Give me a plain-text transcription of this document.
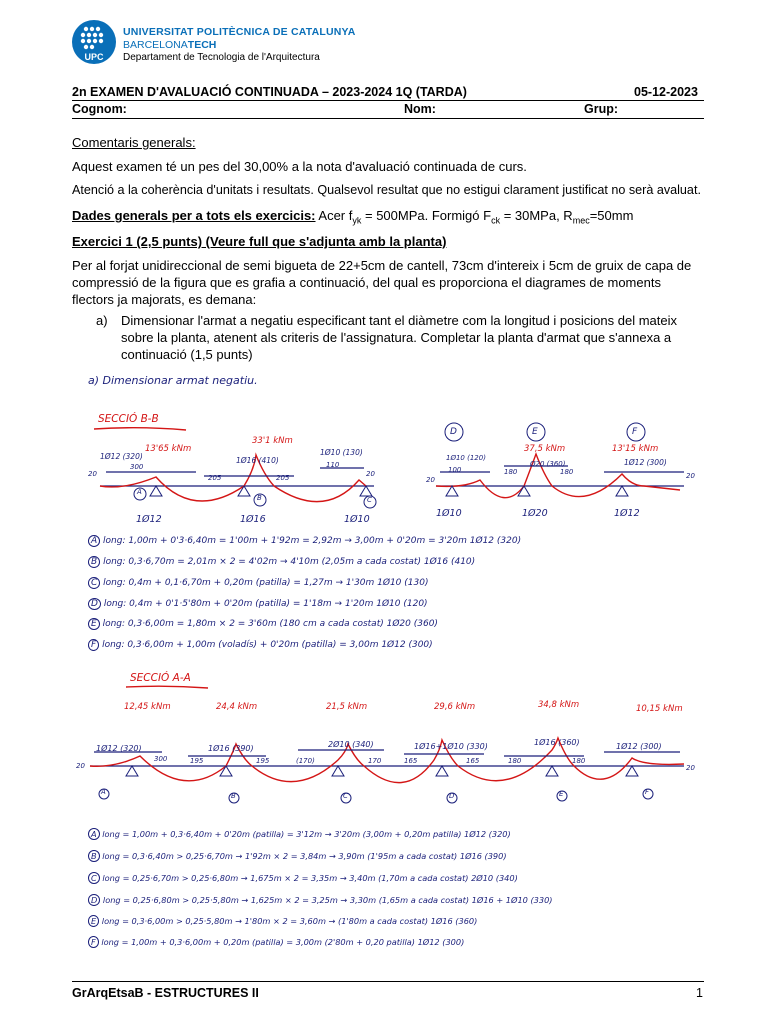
UPC
UNIVERSITAT POLITÈCNICA DE CATALUNYA
BARCELONATECH
Departament de Tecnologia de l'Arquitectura
2n EXAMEN D'AVALUACIÓ CONTINUADA – 2023-2024 1Q (TARDA)	05-12-2023
Cognom:	Nom:	Grup:
Comentaris generals:
Aquest examen té un pes del 30,00% a la nota d'avaluació continuada de curs.
Atenció a la coherència d'unitats i resultats. Qualsevol resultat que no estigui clarament justificat no serà avaluat.
Dades generals per a tots els exercicis: Acer $f_{yk} = 500MPa$. Formigó $F_{ck} = 30MPa$, $R_{mec}=50mm$
Exercici 1 (2,5 punts) (Veure full que s'adjunta amb la planta)
Per al forjat unidireccional de semi bigueta de 22+5cm de cantell, 73cm d'intereix i 5cm de gruix de capa de compressió de la figura que es grafia a continuació, del qual es proporciona el diagrames de moments flectors ja majorats, es demana:
a) Dimensionar l'armat a negatiu especificant tant el diàmetre com la longitud i posicions del mateix sobre la planta, atenent als criteris de l'assignatura. Completar la planta d'armat que s'annexa a continuació (1,5 punts)
a) Dimensionar armat negatiu.
SECCIÓ B-B
13'65 kNm
33'1 kNm
37,5 kNm	13'15 kNm
1Ø12 (320)	1Ø16 (410)
1Ø10 (130)
1Ø10 (120)
Ø20 (360)	1Ø12 (300)
300
205	205
110
20	20	100	180	180
20	20
A
B	C
D	E	F
1Ø12	1Ø16	1Ø10
1Ø10	1Ø20	1Ø12
A long: 1,00m + 0'3·6,40m = 1'00m + 1'92m = 2,92m → 3,00m + 0'20m = 3'20m 1Ø12 (320)
B long: 0,3·6,70m = 2,01m × 2 = 4'02m → 4'10m (2,05m a cada costat) 1Ø16 (410)
C long: 0,4m + 0,1·6,70m + 0,20m (patilla) = 1,27m → 1'30m 1Ø10 (130)
D long: 0,4m + 0'1·5'80m + 0'20m (patilla) = 1'18m → 1'20m 1Ø10 (120)
E long: 0,3·6,00m = 1,80m × 2 = 3'60m (180 cm a cada costat) 1Ø20 (360)
F long: 0,3·6,00m + 1,00m (voladís) + 0'20m (patilla) = 3,00m 1Ø12 (300)
SECCIÓ A-A
12,45 kNm	24,4 kNm	21,5 kNm	29,6 kNm	34,8 kNm	10,15 kNm
1Ø12 (320)	1Ø16 (390)	2Ø10 (340)	1Ø16+1Ø10 (330)	1Ø16 (360)	1Ø12 (300)
300	195	195	(170)	170	165	165	180	180
20	20
A	B	C	D	E	F
A long = 1,00m + 0,3·6,40m + 0'20m (patilla) = 3'12m → 3'20m (3,00m + 0,20m patilla) 1Ø12 (320)
B long = 0,3·6,40m > 0,25·6,70m → 1'92m × 2 = 3,84m → 3,90m (1'95m a cada costat) 1Ø16 (390)
C long = 0,25·6,70m > 0,25·6,80m → 1,675m × 2 = 3,35m → 3,40m (1,70m a cada costat) 2Ø10 (340)
D long = 0,25·6,80m > 0,25·5,80m → 1,625m × 2 = 3,25m → 3,30m (1,65m a cada costat) 1Ø16 + 1Ø10 (330)
E long = 0,3·6,00m > 0,25·5,80m → 1'80m × 2 = 3,60m → (1'80m a cada costat) 1Ø16 (360)
F long = 1,00m + 0,3·6,00m + 0,20m (patilla) = 3,00m (2'80m + 0,20 patilla) 1Ø12 (300)
GrArqEtsaB - ESTRUCTURES II	1
